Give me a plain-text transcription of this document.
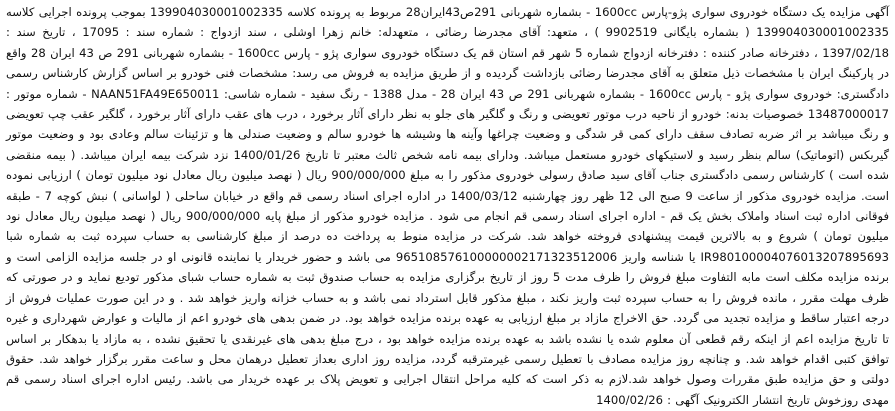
آگهی مزایده یک دستگاه خودروی سواری پژو-پارس 1600cc - بشماره شهربانی 291ص43ایران28 مربوط به پرونده کلاسه 139904030001002335 بموجب پرونده اجرایی کلاسه 139904030001002335 ( بشماره بایگانی 9902519 ) ، متعهد: آقای مجدرضا رضائی ، متعهدله: خانم زهرا اوشلی ، سند ازدواج : شماره سند : 17095 ، تاریخ سند : 1397/02/18 ، دفترخانه صادر کننده : دفترخانه ازدواج شماره 5 شهر قم استان قم یک دستگاه خودروی سواری پژو - پارس 1600cc - بشماره شهربانی 291 ص 43 ایران 28 واقع در پارکینگ ایران با مشخصات ذیل متعلق به آقای مجدرضا رضائی بازداشت گردیده و از طریق مزایده به فروش می رسد: مشخصات فنی خودرو بر اساس گزارش کارشناس رسمی دادگستری: خودروی سواری پژو - پارس 1600cc - بشماره شهربانی 291 ص 43 ایران 28 - مدل 1388 - رنگ سفید - شماره شاسی: NAAN51FA49E650011 - شماره موتور : 13487000017 خصوصیات بدنه: خودرو از ناحیه درب موتور تعویضی و رنگ و گلگیر های جلو به نظر دارای آثار برخورد ، درب های عقب دارای آثار برخورد ، گلگیر عقب چپ تعویضی و رنگ میباشد بر اثر ضربه تصادف سقف دارای کمی قر شدگی و وضعیت چراغها وآینه ها وشیشه ها خودرو سالم و وضعیت صندلی ها و تزئینات سالم وعادی بود و وضعیت موتور گیربکس (اتوماتیک) سالم بنظر رسید و لاستیکهای خودرو مستعمل میباشد. ودارای بیمه نامه شخص ثالث معتبر تا تاریخ 1400/01/26 نزد شرکت بیمه ایران میباشد. ( بیمه منقضی شده است ) کارشناس رسمی دادگستری جناب آقای سید صادق رسولی خودروی مذکور را به مبلغ 900/000/000 ریال ( نهصد میلیون ریال معادل نود میلیون تومان ) ارزیابی نموده است. مزایده خودروی مذکور از ساعت 9 صبح الی 12 ظهر روز چهارشنبه 1400/03/12 در اداره اجرای اسناد رسمی قم واقع در خیابان ساحلی ( لواسانی ) نبش کوچه 7 - طبقه فوقانی اداره ثبت اسناد واملاک بخش یک قم - اداره اجرای اسناد رسمی قم انجام می شود . مزایده خودرو مذکور از مبلغ پایه 900/000/000 ریال ( نهصد میلیون ریال معادل نود میلیون تومان ) شروع و به بالاترین قیمت پیشنهادی فروخته خواهد شد. شرکت در مزایده منوط به پرداخت ده درصد از مبلغ کارشناسی به حساب سپرده ثبت به شماره شبا IR980100004076013207895693 یا شناسه واریز 965108576100000002171323512006 می باشد و حضور خریدار یا نماینده قانونی او در جلسه مزایده الزامی است و برنده مزایده مکلف است مابه التفاوت مبلغ فروش را ظرف مدت 5 روز از تاریخ برگزاری مزایده به حساب صندوق ثبت به شماره حساب شبای مذکور تودیع نماید و در صورتی که ظرف مهلت مقرر ، مانده فروش را به حساب سپرده ثبت واریز نکند ، مبلغ مذکور قابل استرداد نمی باشد و به حساب خزانه واریز خواهد شد . و در این صورت عملیات فروش از درجه اعتبار ساقط و مزایده تجدید می گردد. حق الاخراج مازاد بر مبلغ ارزیابی به عهده برنده مزایده خواهد بود. در ضمن بدهی های خودرو اعم از مالیات و عوارض شهرداری و غیره تا تاریخ مزایده اعم از اینکه رقم قطعی آن معلوم شده یا نشده باشد به عهده برنده مزایده خواهد بود ، درج مبلغ بدهی های غیرنقدی یا تحقیق نشده ، به مازاد یا بدهکار بر اساس توافق کتبی اقدام خواهد شد. و چنانچه روز مزایده مصادف با تعطیل رسمی غیرمترقبه گردد، مزایده روز اداری بعداز تعطیل درهمان محل و ساعت مقرر برگزار خواهد شد. حقوق دولتی و حق مزایده طبق مقررات وصول خواهد شد.لازم به ذکر است که کلیه مراحل انتقال اجرایی و تعویض پلاک بر عهده خریدار می باشد. رئیس اداره اجرای اسناد رسمی قم مهدی روزخوش تاریخ انتشار الکترونیک آگهی : 1400/02/26
